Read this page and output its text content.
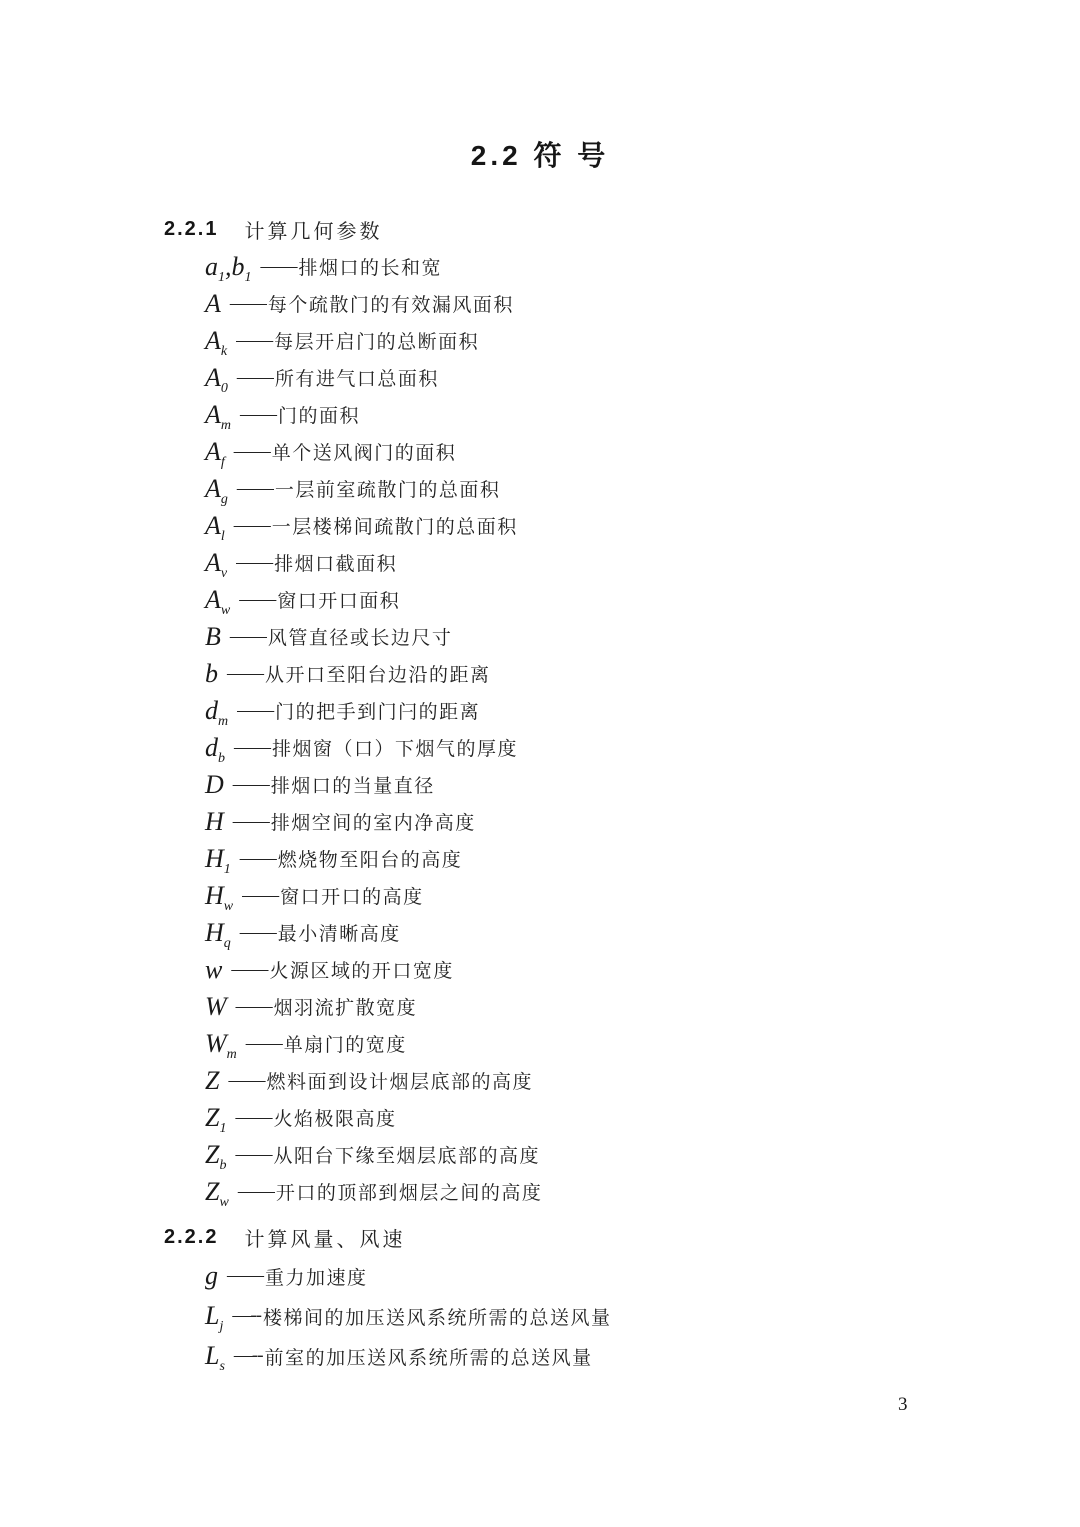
2.2 符 号
2.2.1 计算几何参数
$a_1,b_1$
—— 排烟口的长和宽
A —— 每个疏散门的有效漏风面积
$A_k$
—— 每层开启门的总断面积
$A_0$
—— 所有进气口总面积
$A_m$
—— 门的面积
$A_f$
—— 单个送风阀门的面积
$A_g$
—— 一层前室疏散门的总面积
$A_l$
—— 一层楼梯间疏散门的总面积
$A_v$
—— 排烟口截面积
$A_w$
—— 窗口开口面积
B —— 风管直径或长边尺寸
b —— 从开口至阳台边沿的距离
$d_m$
—— 门的把手到门闩的距离
$d_b$
—— 排烟窗（口）下烟气的厚度
D —— 排烟口的当量直径
H —— 排烟空间的室内净高度
$H_1$
—— 燃烧物至阳台的高度
$H_w$
—— 窗口开口的高度
$H_q$
—— 最小清晰高度
w —— 火源区域的开口宽度
W —— 烟羽流扩散宽度
$W_m$
—— 单扇门的宽度
Z —— 燃料面到设计烟层底部的高度
$Z_1$
—— 火焰极限高度
$Z_b$
—— 从阳台下缘至烟层底部的高度
$Z_w$
—— 开口的顶部到烟层之间的高度
2.2.2 计算风量、风速
g —— 重力加速度
$L_j$
—-- 楼梯间的加压送风系统所需的总送风量
$L_s$
—-- 前室的加压送风系统所需的总送风量
3
